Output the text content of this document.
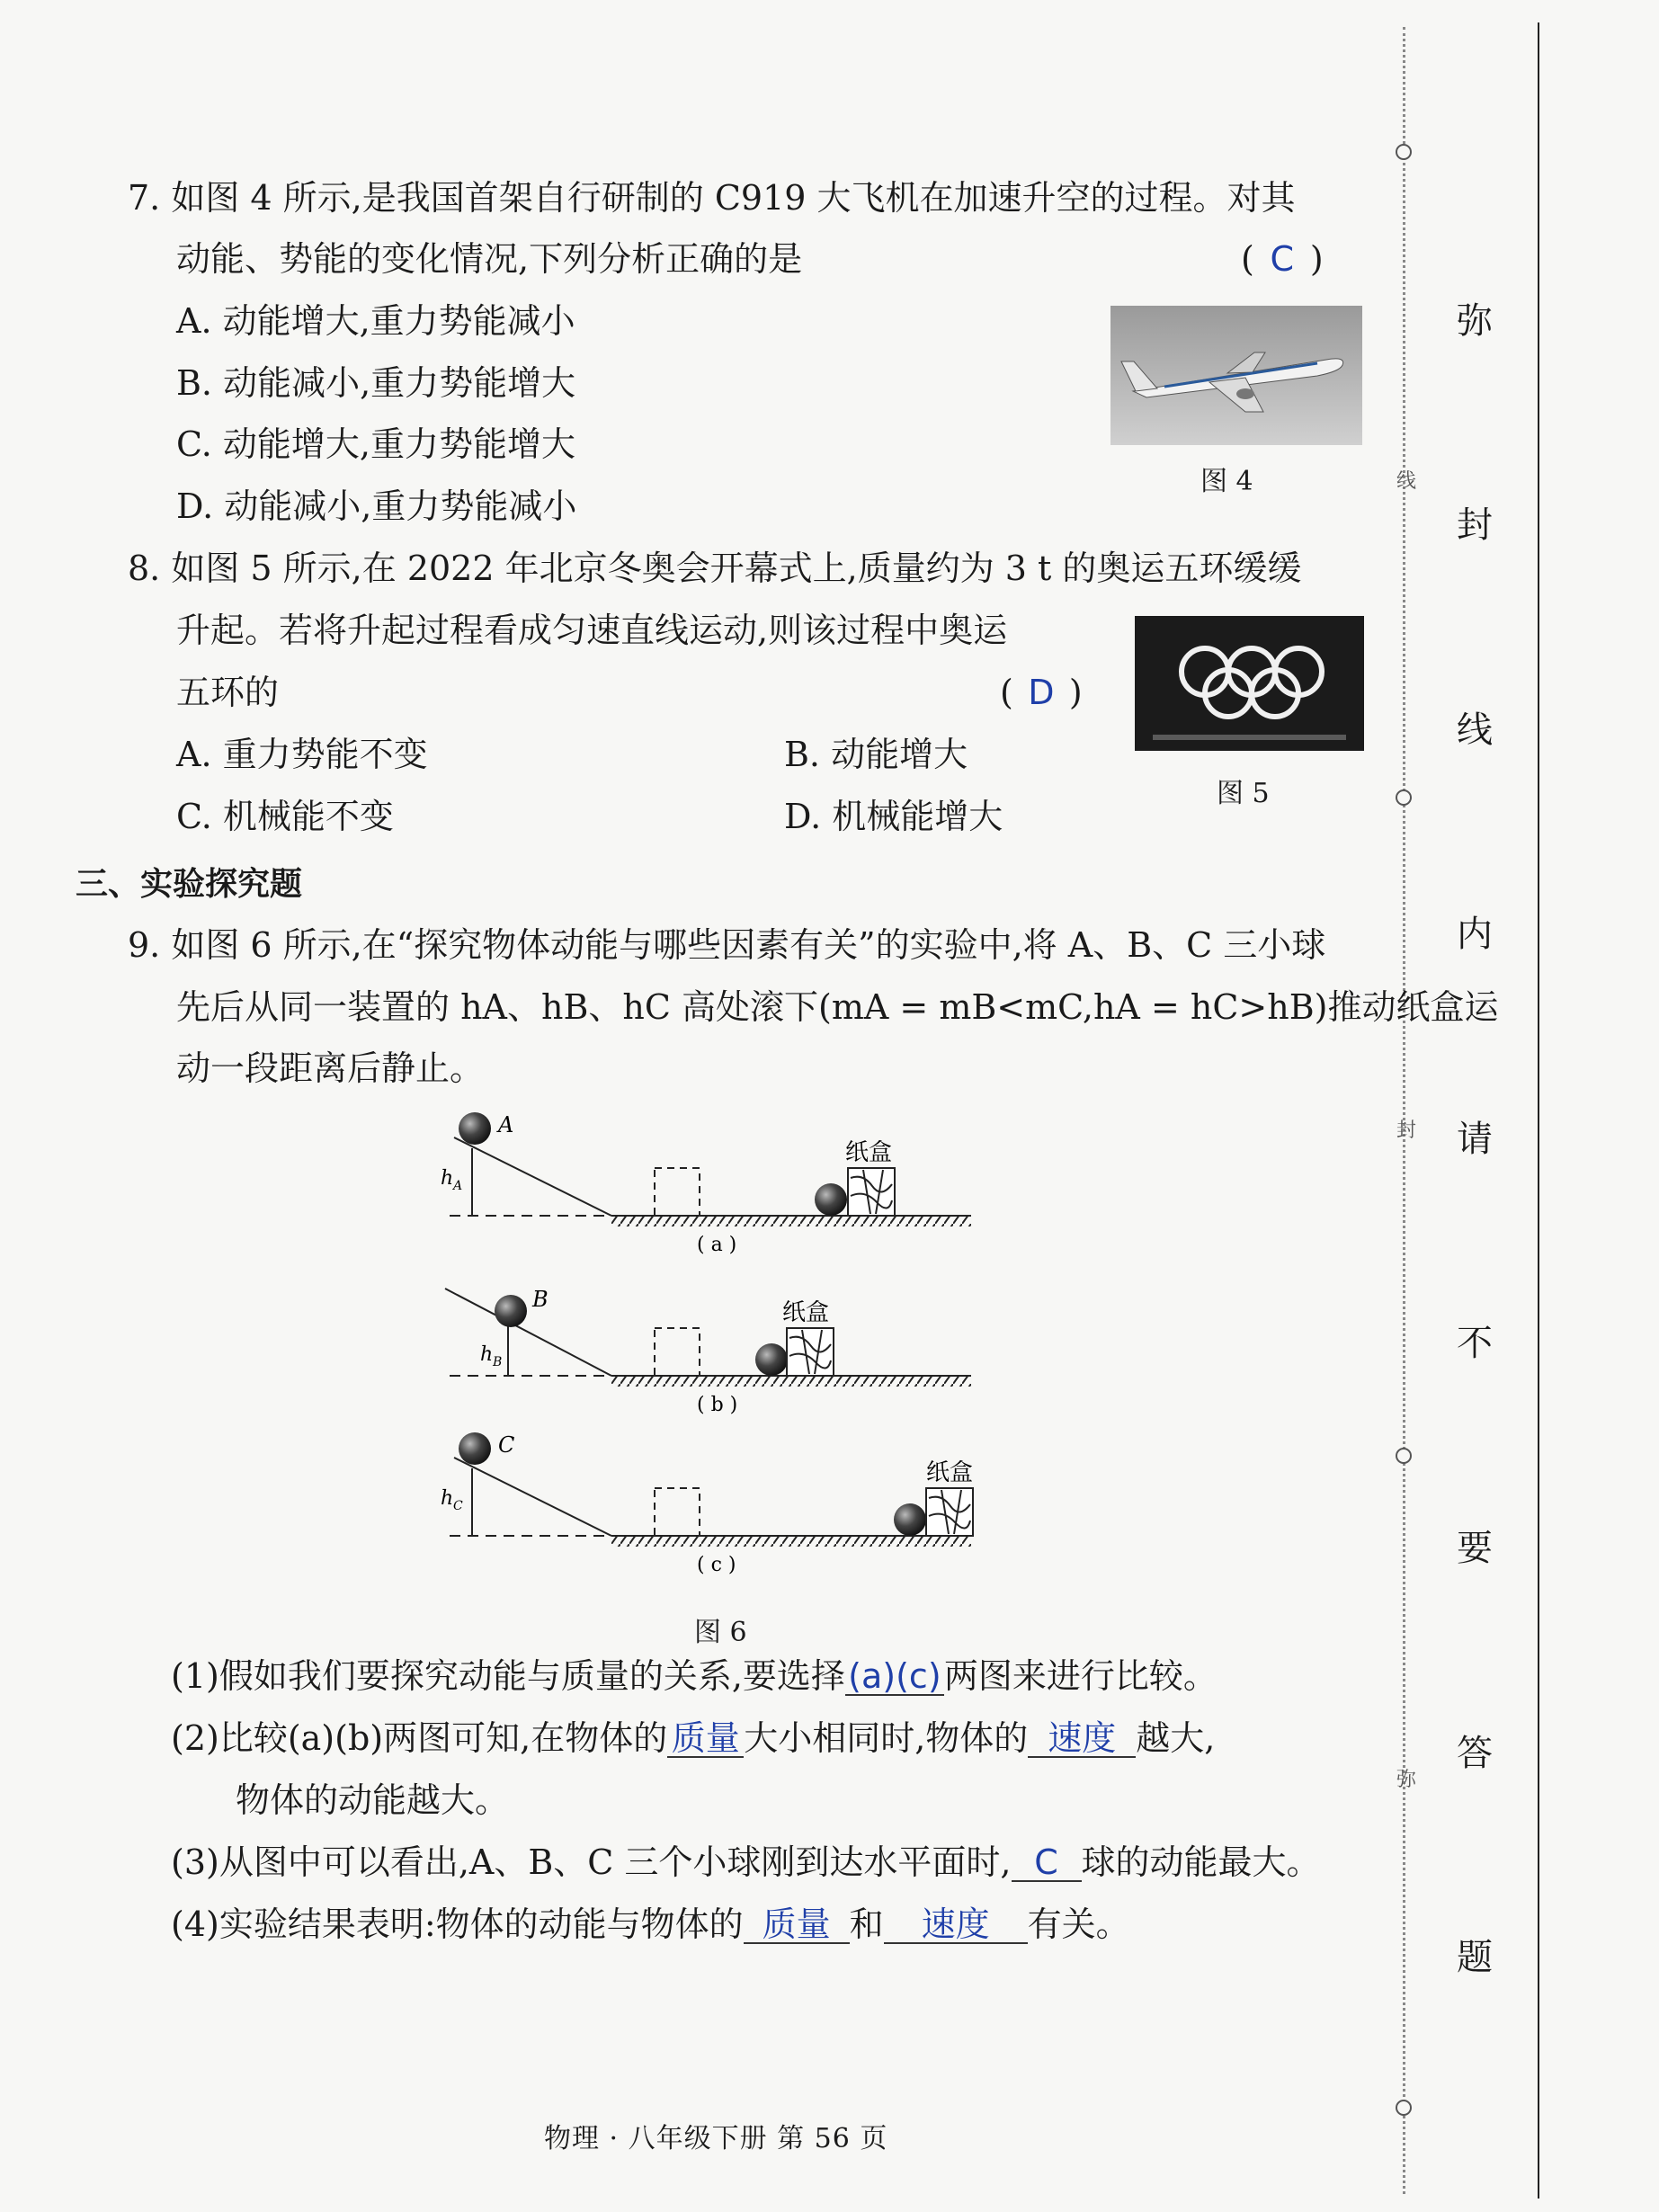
线
封
弥
弥
封
线
内
请
不
要
答
题
7. 如图 4 所示,是我国首架自行研制的 C919 大飞机在加速升空的过程。对其
动能、势能的变化情况,下列分析正确的是	( C )
A. 动能增大,重力势能减小
B. 动能减小,重力势能增大
C. 动能增大,重力势能增大
D. 动能减小,重力势能减小
图 4
8. 如图 5 所示,在 2022 年北京冬奥会开幕式上,质量约为 3 t 的奥运五环缓缓
升起。若将升起过程看成匀速直线运动,则该过程中奥运
五环的	( D )
A. 重力势能不变	B. 动能增大
C. 机械能不变	D. 机械能增大
图 5
三、实验探究题
9. 如图 6 所示,在“探究物体动能与哪些因素有关”的实验中,将 A、B、C 三小球
先后从同一装置的 hA、hB、hC 高处滚下(mA = mB<mC,hA = hC>hB)推动纸盒运
动一段距离后静止。
A
h A
纸盒
( a )
B
h B
纸盒
( b )
C
h C
纸盒
( c )
图 6
(1)假如我们要探究动能与质量的关系,要选择(a)(c)两图来进行比较。
(2)比较(a)(b)两图可知,在物体的 质量 大小相同时,物体的 速度 越大,
物体的动能越大。
(3)从图中可以看出,A、B、C 三个小球刚到达水平面时, C 球的动能最大。
(4)实验结果表明:物体的动能与物体的 质量 和 速度 有关。
物理 · 八年级下册 第 56 页
